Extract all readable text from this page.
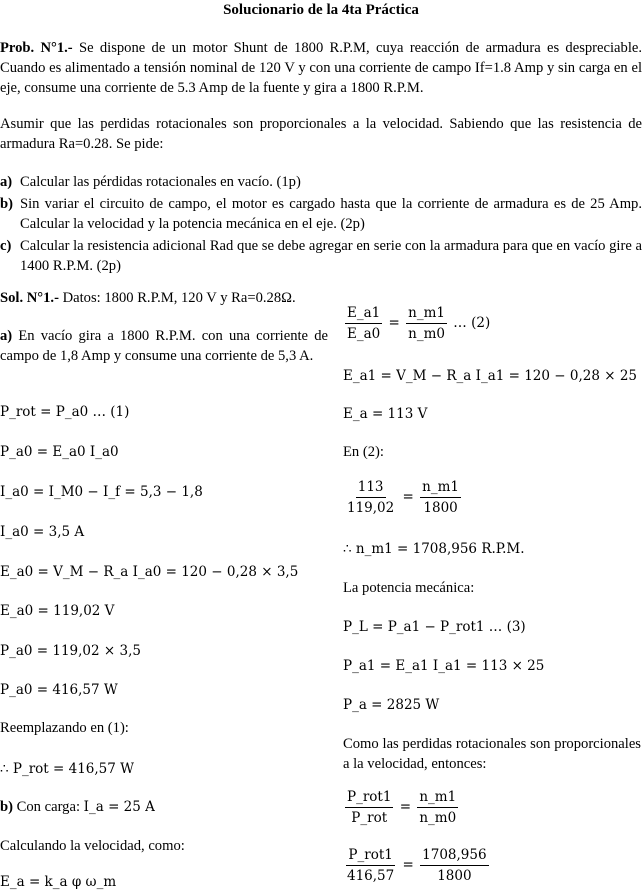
Solucionario de la 4ta Práctica
Prob. N°1.- Se dispone de un motor Shunt de 1800 R.P.M, cuya reacción de armadura es despreciable. Cuando es alimentado a tensión nominal de 120 V y con una corriente de campo If=1.8 Amp y sin carga en el eje, consume una corriente de 5.3 Amp de la fuente y gira a 1800 R.P.M.
Asumir que las perdidas rotacionales son proporcionales a la velocidad. Sabiendo que las resistencia de armadura Ra=0.28. Se pide:
a) Calcular las pérdidas rotacionales en vacío. (1p)
b) Sin variar el circuito de campo, el motor es cargado hasta que la corriente de armadura es de 25 Amp. Calcular la velocidad y la potencia mecánica en el eje. (2p)
c) Calcular la resistencia adicional Rad que se debe agregar en serie con la armadura para que en vacío gire a 1400 R.P.M. (2p)
Sol. N°1.- Datos: 1800 R.P.M, 120 V y Ra=0.28Ω.
a) En vacío gira a 1800 R.P.M. con una corriente de campo de 1,8 Amp y consume una corriente de 5,3 A.
P_rot = P_a0 … (1)
P_a0 = E_a0 I_a0
I_a0 = I_M0 − I_f = 5,3 − 1,8
I_a0 = 3,5 A
E_a0 = V_M − R_a I_a0 = 120 − 0,28 × 3,5
E_a0 = 119,02 V
P_a0 = 119,02 × 3,5
P_a0 = 416,57 W
Reemplazando en (1):
∴ P_rot = 416,57 W
b) Con carga: I_a = 25 A
Calculando la velocidad, como:
E_a = k_a φ ω_m
$\frac{E\_a1}{E\_a0} = \frac{n\_m1}{n\_m0}$ … (2)
E_a1 = V_M − R_a I_a1 = 120 − 0,28 × 25
E_a = 113 V
En (2):
$\frac{113}{119,02} = \frac{n\_m1}{1800}$
∴ n_m1 = 1708,956 R.P.M.
La potencia mecánica:
P_L = P_a1 − P_rot1 … (3)
P_a1 = E_a1 I_a1 = 113 × 25
P_a = 2825 W
Como las perdidas rotacionales son proporcionales a la velocidad, entonces:
$\frac{\text{P\_rot1}}{\text{P\_rot}} = \frac{n\_m1}{n\_m0}$
$\frac{\text{P\_rot1}}{416,57} = \frac{1708,956}{1800}$
